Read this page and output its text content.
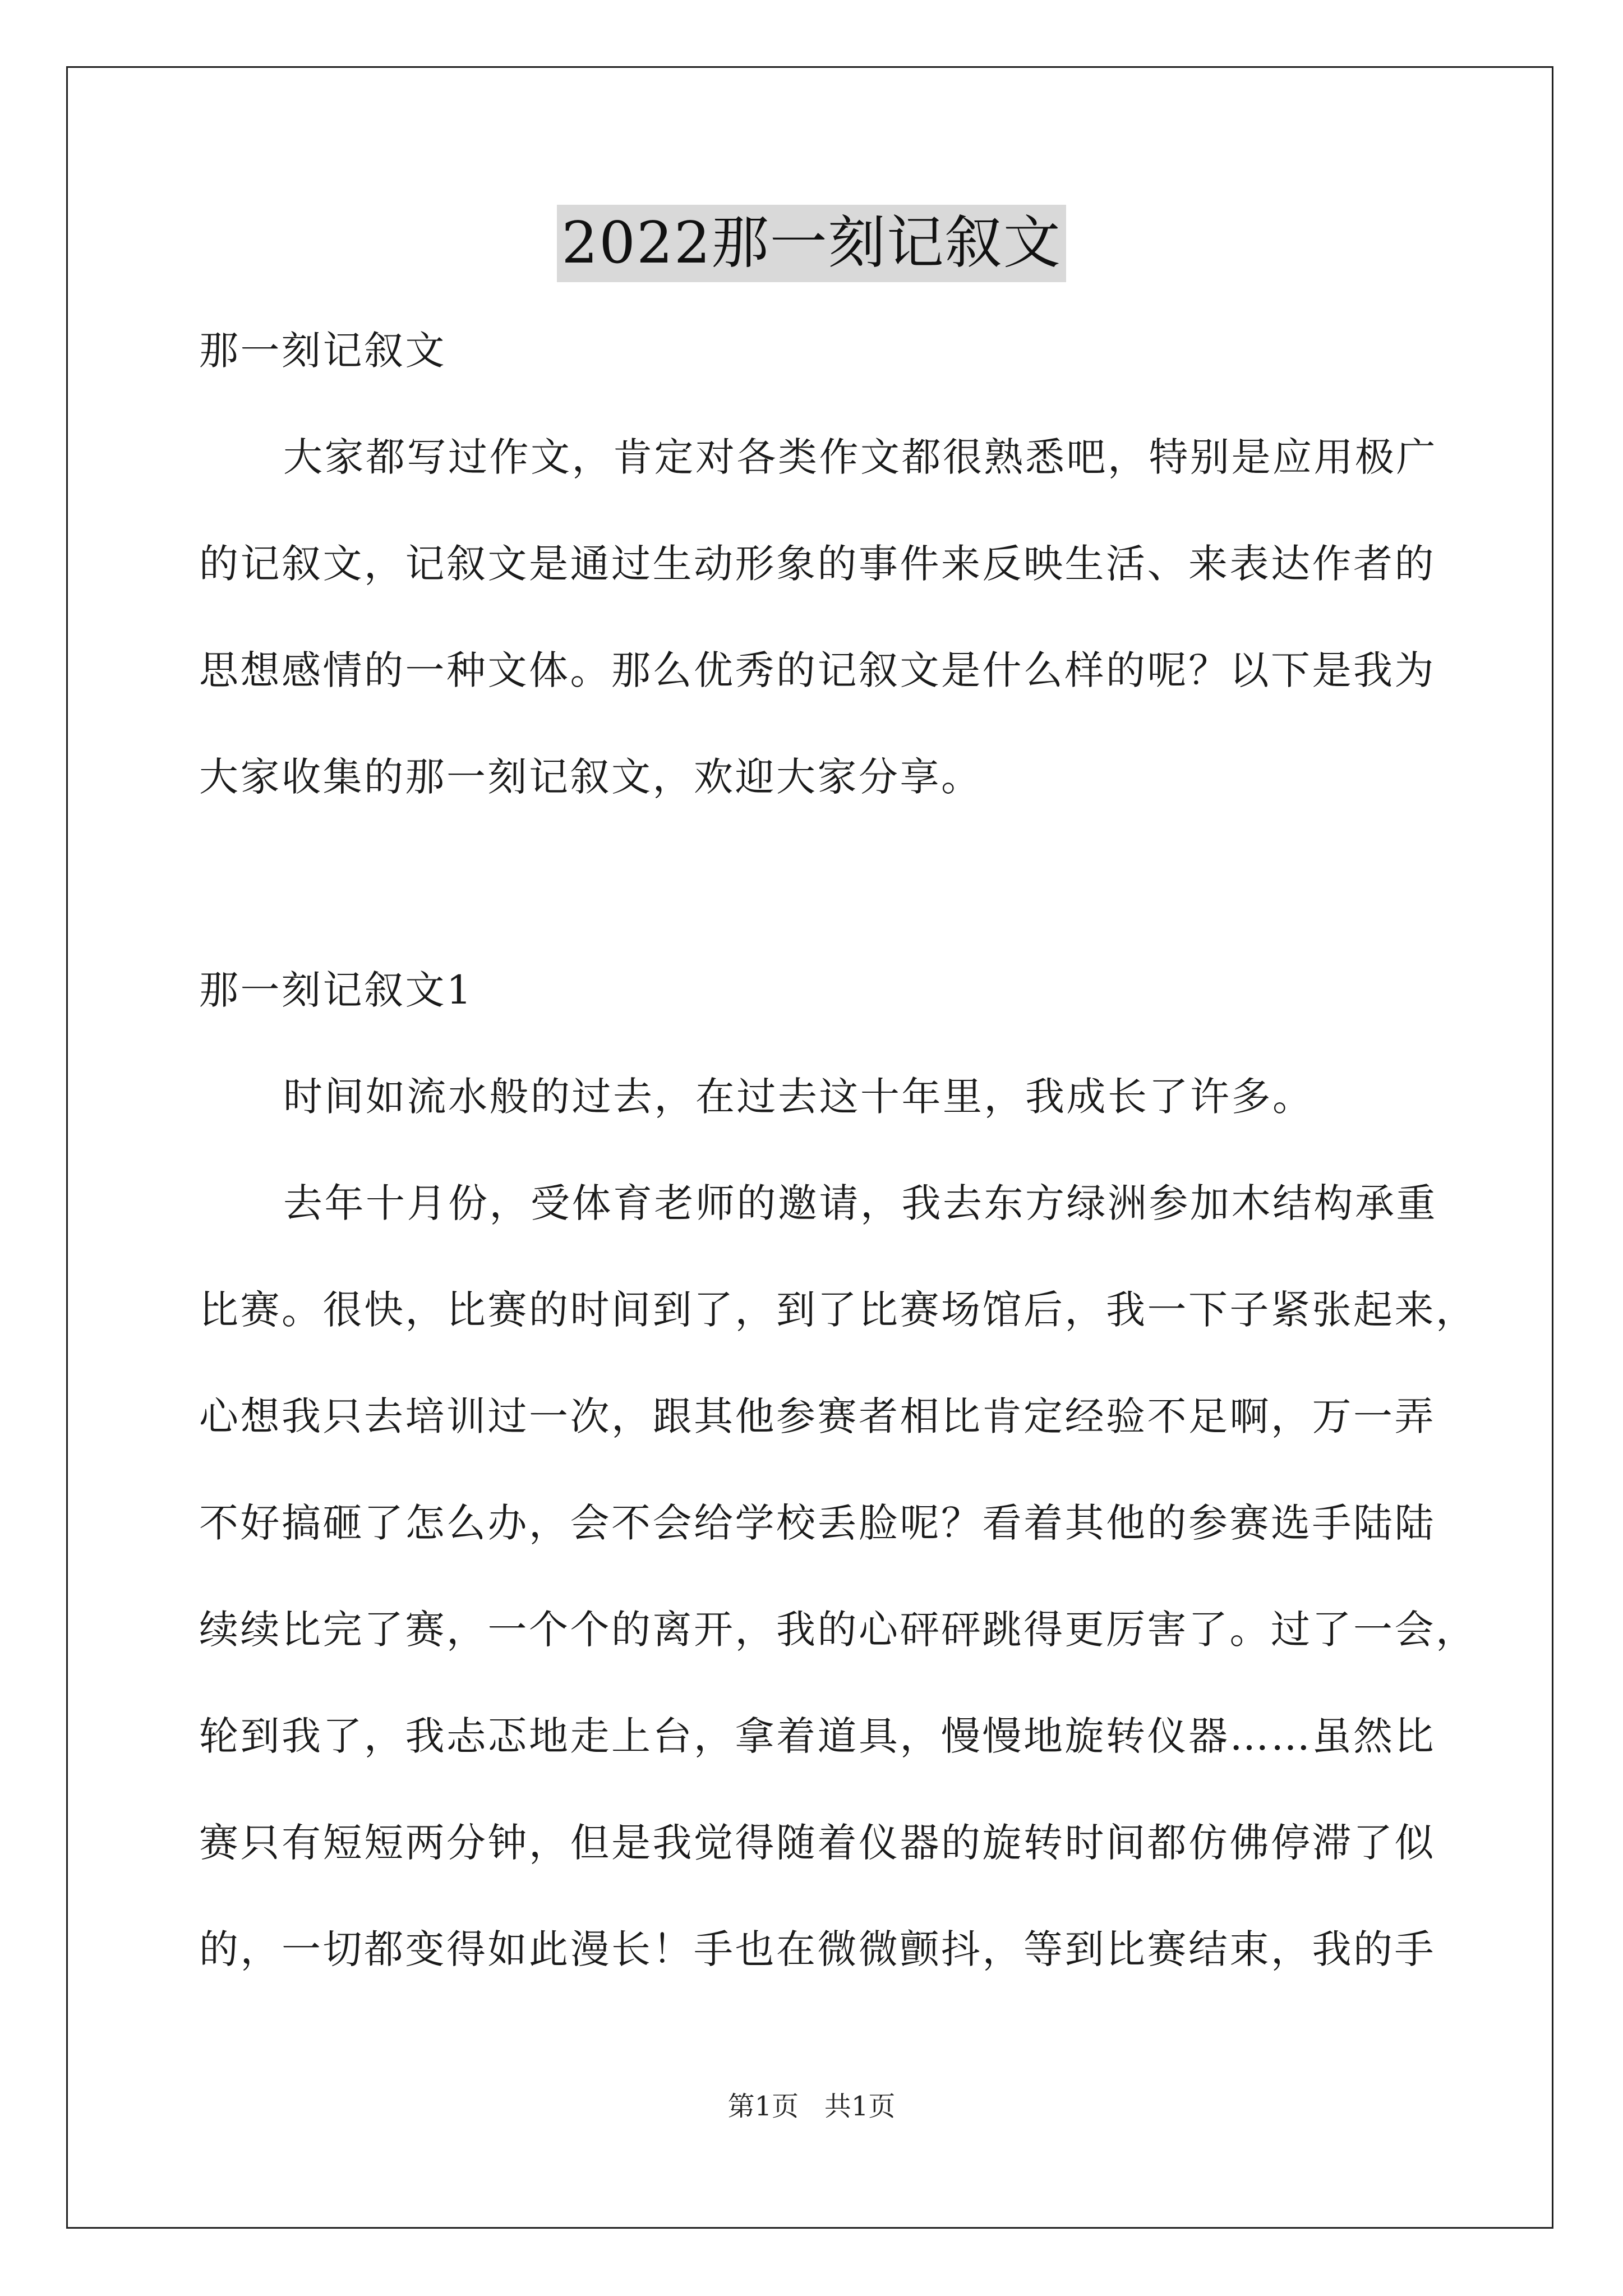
2022那一刻记叙文
那一刻记叙文
大家都写过作文，肯定对各类作文都很熟悉吧，特别是应用极广
的记叙文，记叙文是通过生动形象的事件来反映生活、来表达作者的
思想感情的一种文体。那么优秀的记叙文是什么样的呢？以下是我为
大家收集的那一刻记叙文，欢迎大家分享。
那一刻记叙文1
时间如流水般的过去，在过去这十年里，我成长了许多。
去年十月份，受体育老师的邀请，我去东方绿洲参加木结构承重
比赛。很快，比赛的时间到了，到了比赛场馆后，我一下子紧张起来，
心想我只去培训过一次，跟其他参赛者相比肯定经验不足啊，万一弄
不好搞砸了怎么办，会不会给学校丢脸呢？看着其他的参赛选手陆陆
续续比完了赛，一个个的离开，我的心砰砰跳得更厉害了。过了一会，
轮到我了，我忐忑地走上台，拿着道具，慢慢地旋转仪器……虽然比
赛只有短短两分钟，但是我觉得随着仪器的旋转时间都仿佛停滞了似
的，一切都变得如此漫长！手也在微微颤抖，等到比赛结束，我的手
第1页   共1页
